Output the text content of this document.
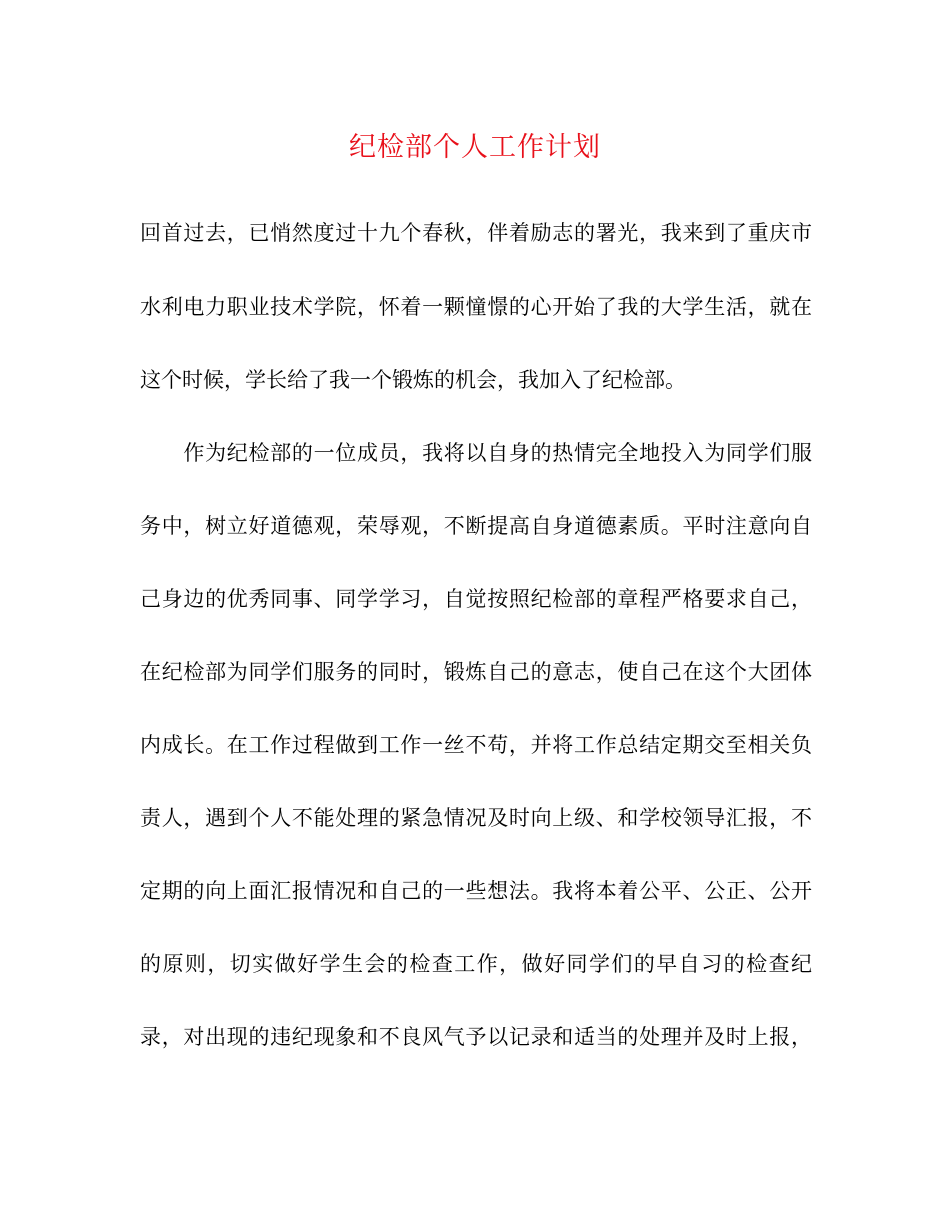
纪检部个人工作计划
回首过去，已悄然度过十九个春秋，伴着励志的署光，我来到了重庆市
水利电力职业技术学院，怀着一颗憧憬的心开始了我的大学生活，就在
这个时候，学长给了我一个锻炼的机会，我加入了纪检部。
　　作为纪检部的一位成员，我将以自身的热情完全地投入为同学们服
务中，树立好道德观，荣辱观，不断提高自身道德素质。平时注意向自
己身边的优秀同事、同学学习，自觉按照纪检部的章程严格要求自己，
在纪检部为同学们服务的同时，锻炼自己的意志，使自己在这个大团体
内成长。在工作过程做到工作一丝不苟，并将工作总结定期交至相关负
责人，遇到个人不能处理的紧急情况及时向上级、和学校领导汇报，不
定期的向上面汇报情况和自己的一些想法。我将本着公平、公正、公开
的原则，切实做好学生会的检查工作，做好同学们的早自习的检查纪
录，对出现的违纪现象和不良风气予以记录和适当的处理并及时上报，
